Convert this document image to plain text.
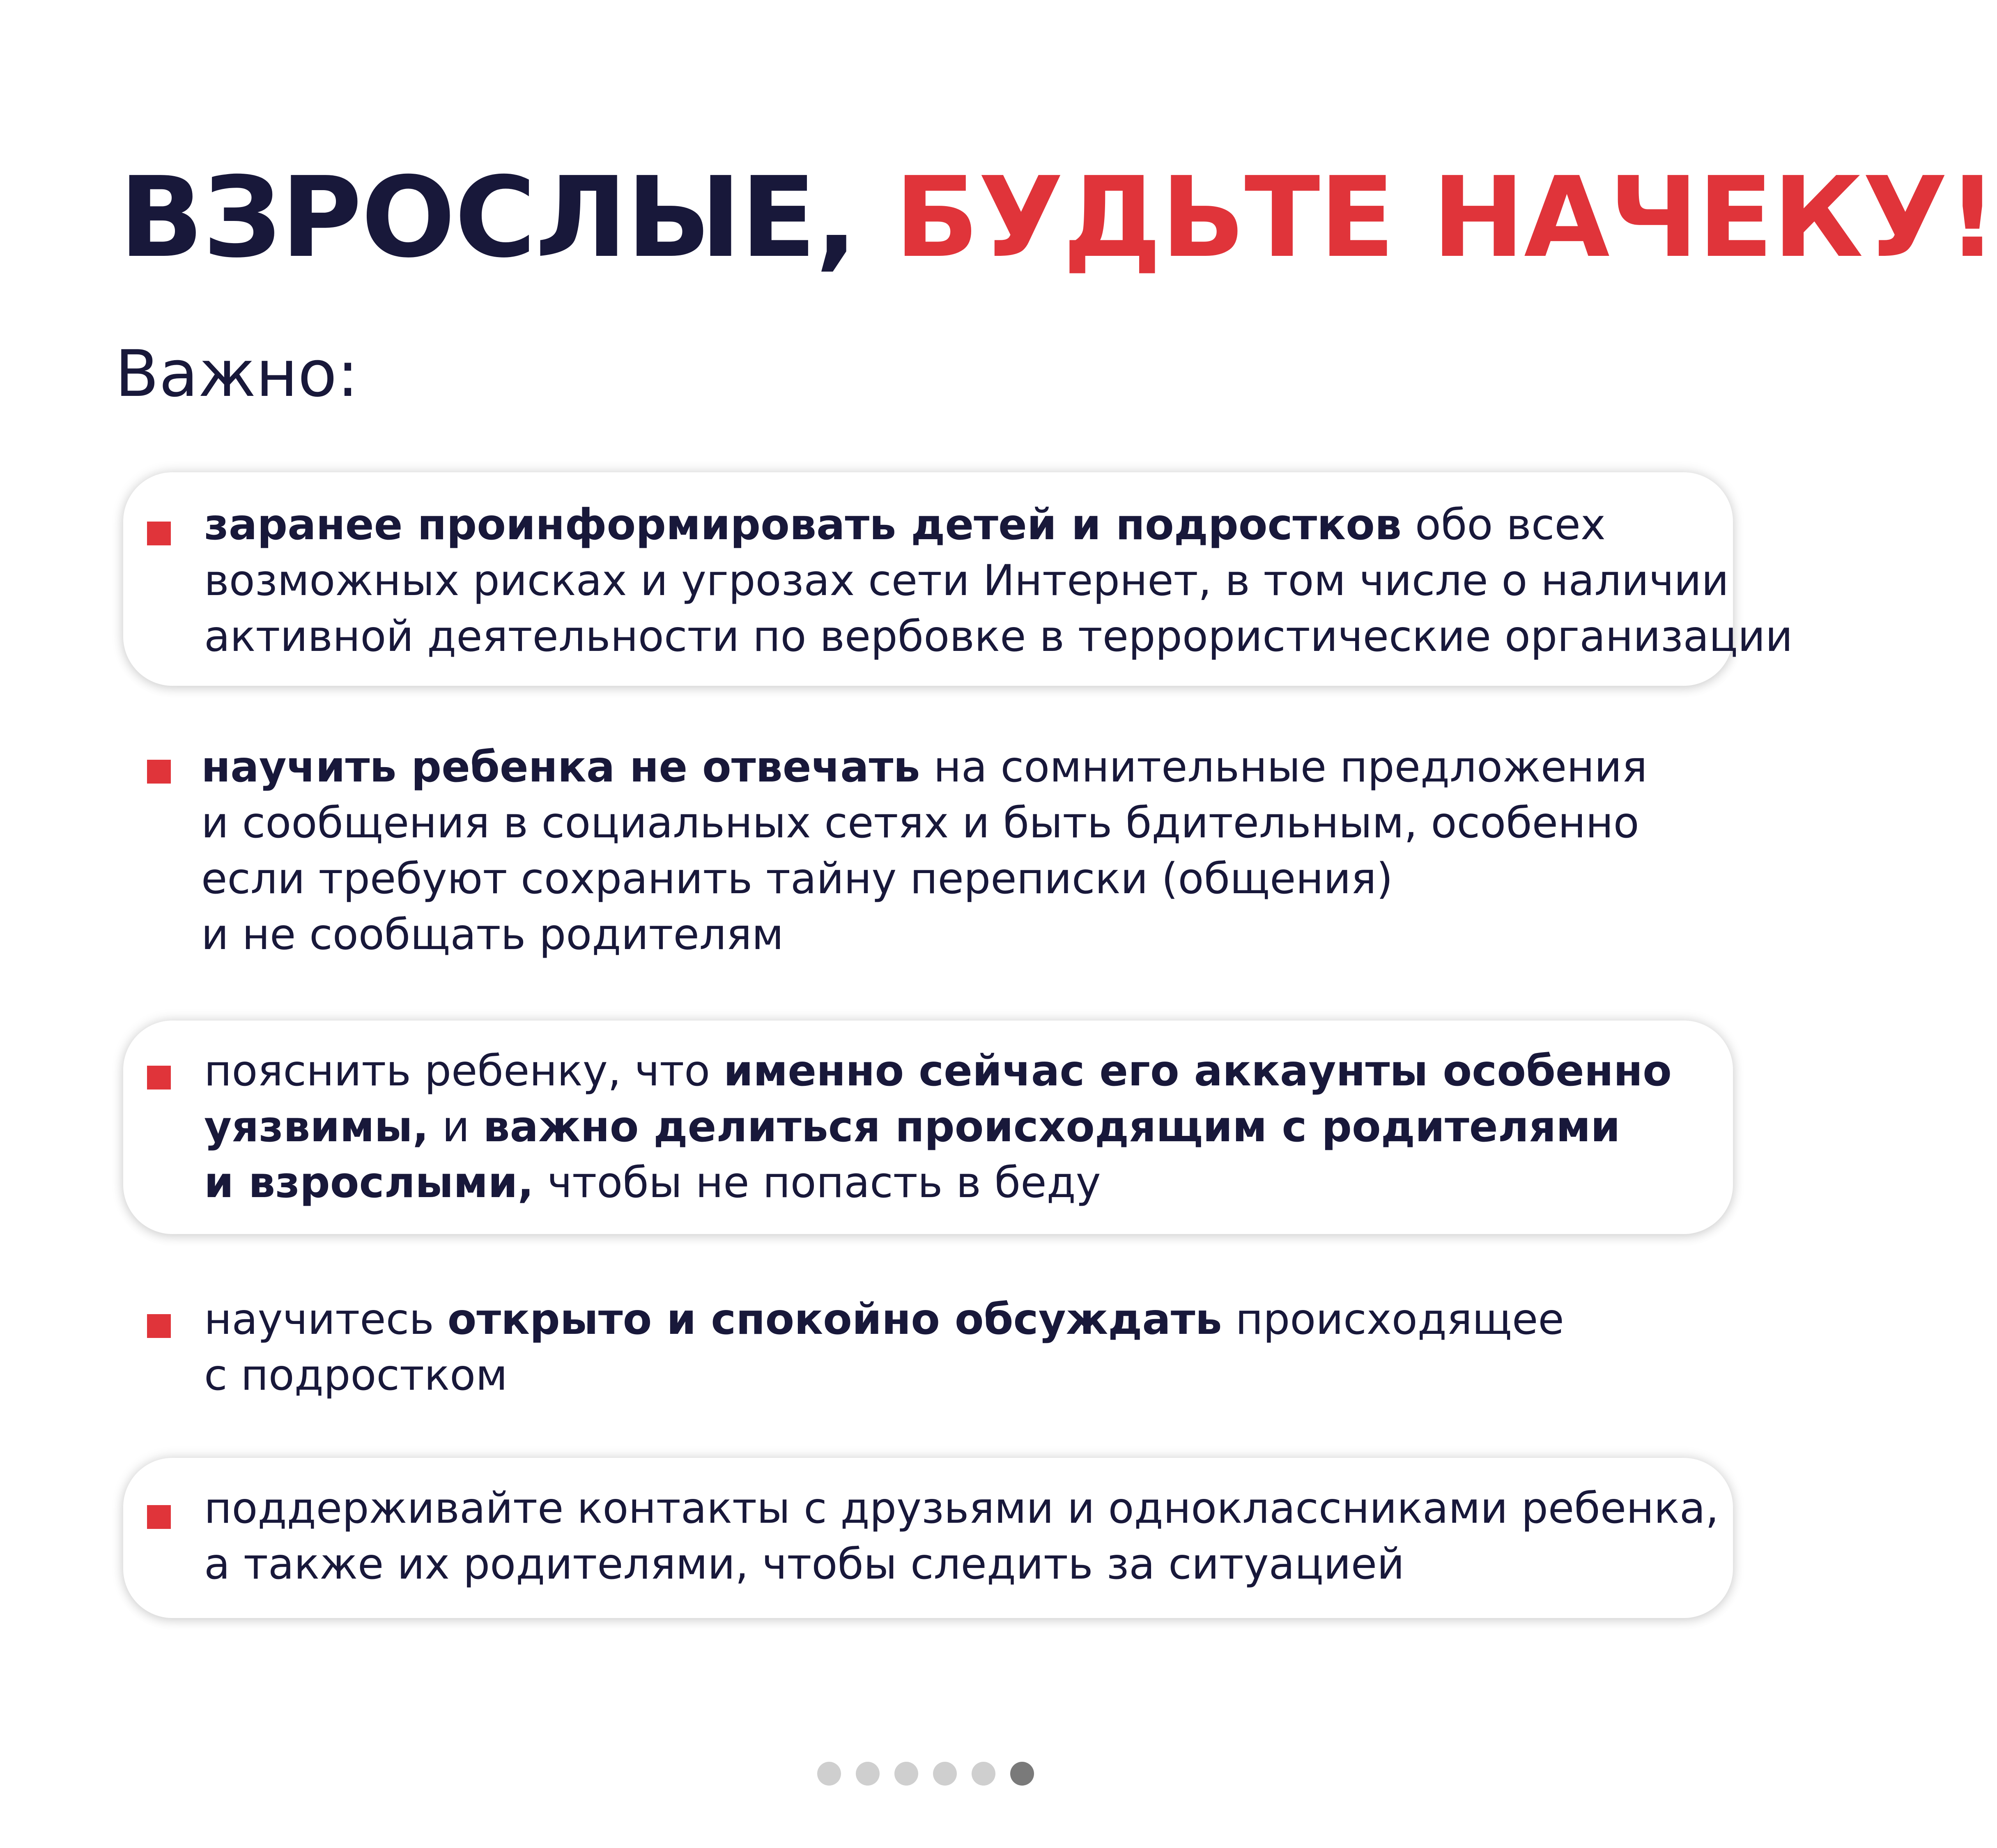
ВЗРОСЛЫЕ, БУДЬТЕ НАЧЕКУ!
Важно:
заранее проинформировать детей и подростков обо всех
возможных рисках и угрозах сети Интернет, в том числе о наличии
активной деятельности по вербовке в террористические организации
научить ребенка не отвечать на сомнительные предложения
и сообщения в социальных сетях и быть бдительным, особенно
если требуют сохранить тайну переписки (общения)
и не сообщать родителям
пояснить ребенку, что именно сейчас его аккаунты особенно
уязвимы, и важно делиться происходящим с родителями
и взрослыми, чтобы не попасть в беду
научитесь открыто и спокойно обсуждать происходящее
с подростком
поддерживайте контакты с друзьями и одноклассниками ребенка,
а также их родителями, чтобы следить за ситуацией
